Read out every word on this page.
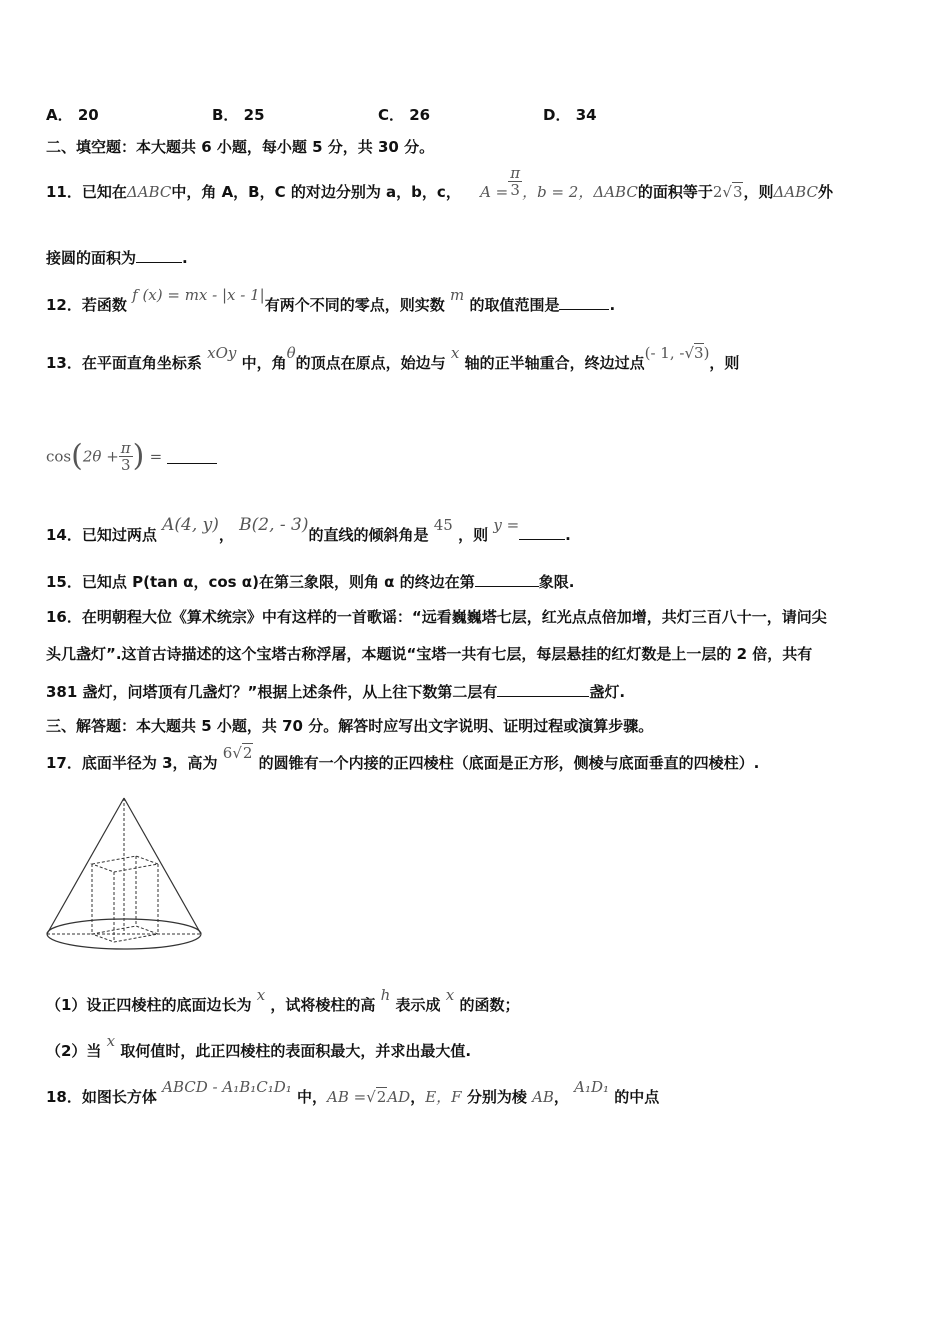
A． 20	B． 25	C． 26	D． 34
二、填空题：本大题共 6 小题，每小题 5 分，共 30 分。
11．已知在ΔABC中，角 A，B，C 的对边分别为 a，b，c， $A = \frac{\pi}{3}$ ，b = 2，ΔABC的面积等于2√3，则ΔABC外
接圆的面积为	.
12．若函数 f (x) = mx - |x - 1|有两个不同的零点，则实数 m 的取值范围是	.
13．在平面直角坐标系 xOy 中，角θ的顶点在原点，始边与 x 轴的正半轴重合，终边过点(- 1, -√3)，则
$\cos(2\theta + \frac{\pi}{3}$ ) =
14．已知过两点 A(4, y)， B(2, - 3)的直线的倾斜角是 45 ，则 y =.
15．已知点 P(tan α，cos α)在第三象限，则角 α 的终边在第	象限.
16．在明朝程大位《算术统宗》中有这样的一首歌谣：“远看巍巍塔七层，红光点点倍加增，共灯三百八十一，请问尖
头几盏灯”.这首古诗描述的这个宝塔古称浮屠，本题说“宝塔一共有七层，每层悬挂的红灯数是上一层的 2 倍，共有
381 盏灯，问塔顶有几盏灯？”根据上述条件，从上往下数第二层有	盏灯.
三、解答题：本大题共 5 小题，共 70 分。解答时应写出文字说明、证明过程或演算步骤。
17．底面半径为 3，高为 6√2 的圆锥有一个内接的正四棱柱（底面是正方形，侧棱与底面垂直的四棱柱）.
（1）设正四棱柱的底面边长为 x ，试将棱柱的高 h 表示成 x 的函数；
（2）当 x 取何值时，此正四棱柱的表面积最大，并求出最大值.
18．如图长方体 ABCD - A₁B₁C₁D₁ 中，AB =√2AD，E，F 分别为棱 AB， A₁D₁ 的中点
